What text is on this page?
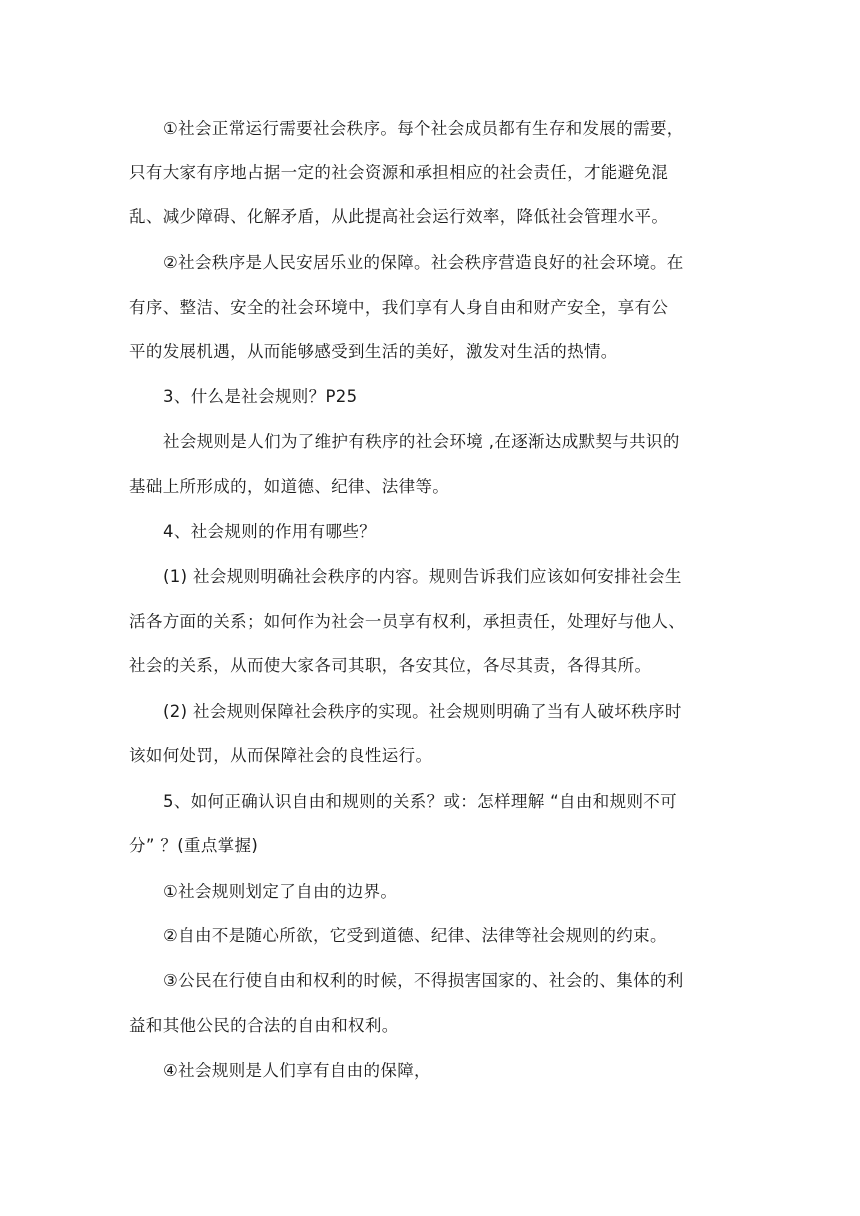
①社会正常运行需要社会秩序。每个社会成员都有生存和发展的需要，
只有大家有序地占据一定的社会资源和承担相应的社会责任，才能避免混
乱、减少障碍、化解矛盾，从此提高社会运行效率，降低社会管理水平。
②社会秩序是人民安居乐业的保障。社会秩序营造良好的社会环境。在
有序、整洁、安全的社会环境中，我们享有人身自由和财产安全，享有公
平的发展机遇，从而能够感受到生活的美好，激发对生活的热情。
3、什么是社会规则？P25
社会规则是人们为了维护有秩序的社会环境 ,在逐渐达成默契与共识的
基础上所形成的，如道德、纪律、法律等。
4、社会规则的作用有哪些？
(1) 社会规则明确社会秩序的内容。规则告诉我们应该如何安排社会生
活各方面的关系；如何作为社会一员享有权利，承担责任，处理好与他人、
社会的关系，从而使大家各司其职，各安其位，各尽其责，各得其所。
(2) 社会规则保障社会秩序的实现。社会规则明确了当有人破坏秩序时
该如何处罚，从而保障社会的良性运行。
5、如何正确认识自由和规则的关系？或：怎样理解 “自由和规则不可
分” ？(重点掌握)
①社会规则划定了自由的边界。
②自由不是随心所欲，它受到道德、纪律、法律等社会规则的约束。
③公民在行使自由和权利的时候，不得损害国家的、社会的、集体的利
益和其他公民的合法的自由和权利。
④社会规则是人们享有自由的保障，
